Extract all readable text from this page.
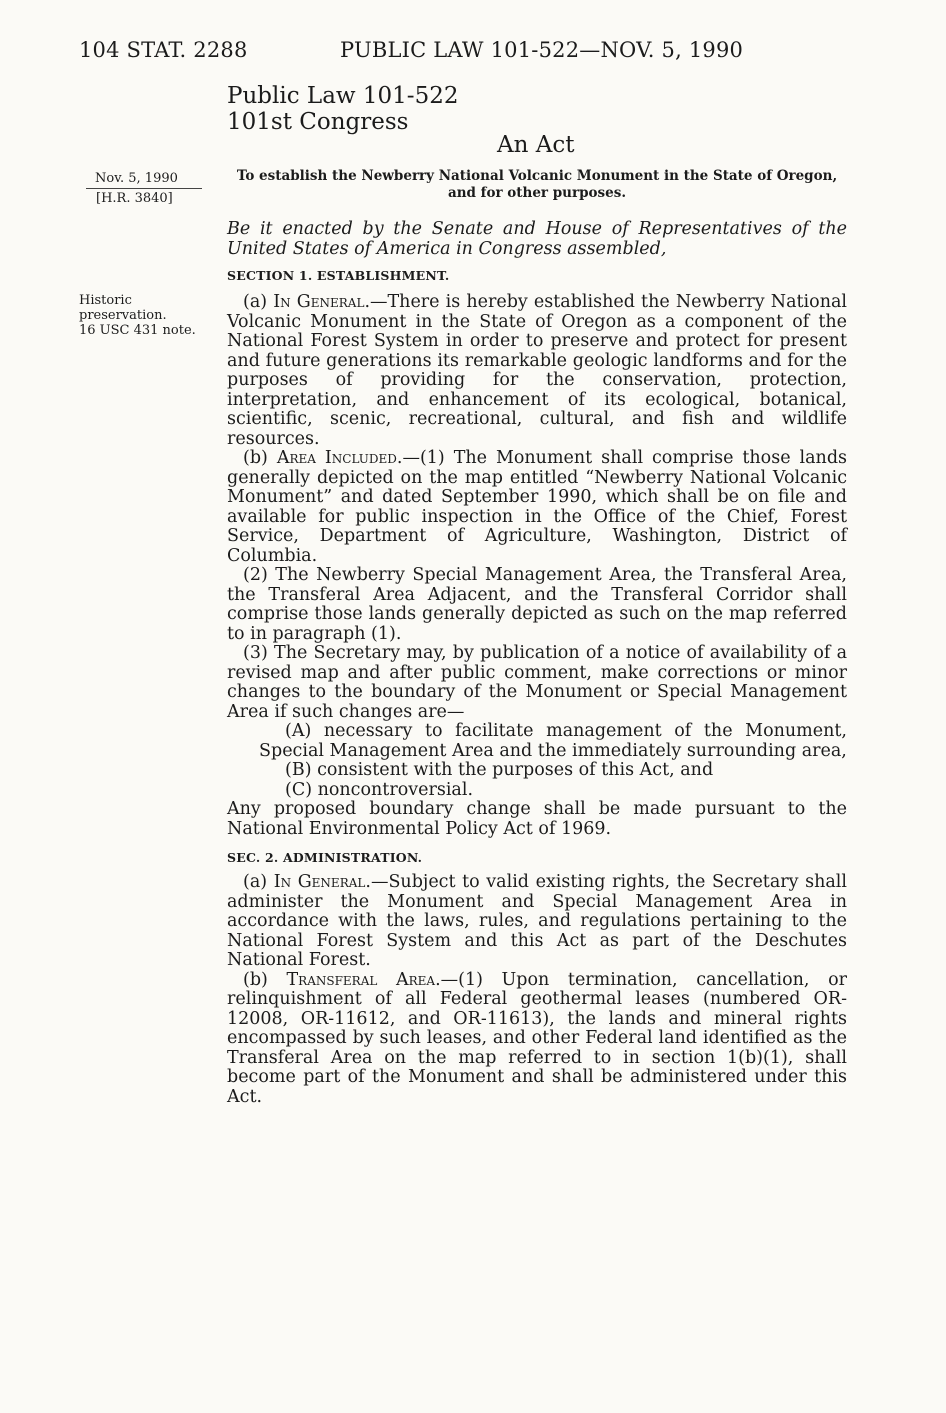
104 STAT. 2288	PUBLIC LAW 101-522—NOV. 5, 1990
Public Law 101-522
101st Congress
An Act
Nov. 5, 1990
[H.R. 3840]
Historic
preservation.
16 USC 431 note.
To establish the Newberry National Volcanic Monument in the State of Oregon, and for other purposes.
Be it enacted by the Senate and House of Representatives of the United States of America in Congress assembled,
SECTION 1. ESTABLISHMENT.

(a) In General.—There is hereby established the Newberry National Volcanic Monument in the State of Oregon as a component of the National Forest System in order to preserve and protect for present and future generations its remarkable geologic landforms and for the purposes of providing for the conservation, protection, interpretation, and enhancement of its ecological, botanical, scientific, scenic, recreational, cultural, and fish and wildlife resources.

(b) Area Included.—(1) The Monument shall comprise those lands generally depicted on the map entitled “Newberry National Volcanic Monument” and dated September 1990, which shall be on file and available for public inspection in the Office of the Chief, Forest Service, Department of Agriculture, Washington, District of Columbia.

(2) The Newberry Special Management Area, the Transferal Area, the Transferal Area Adjacent, and the Transferal Corridor shall comprise those lands generally depicted as such on the map referred to in paragraph (1).

(3) The Secretary may, by publication of a notice of availability of a revised map and after public comment, make corrections or minor changes to the boundary of the Monument or Special Management Area if such changes are—

(A) necessary to facilitate management of the Monument, Special Management Area and the immediately surrounding area,

(B) consistent with the purposes of this Act, and

(C) noncontroversial.

Any proposed boundary change shall be made pursuant to the National Environmental Policy Act of 1969.

SEC. 2. ADMINISTRATION.

(a) In General.—Subject to valid existing rights, the Secretary shall administer the Monument and Special Management Area in accordance with the laws, rules, and regulations pertaining to the National Forest System and this Act as part of the Deschutes National Forest.

(b) Transferal Area.—(1) Upon termination, cancellation, or relinquishment of all Federal geothermal leases (numbered OR-12008, OR-11612, and OR-11613), the lands and mineral rights encompassed by such leases, and other Federal land identified as the Transferal Area on the map referred to in section 1(b)(1), shall become part of the Monument and shall be administered under this Act.
